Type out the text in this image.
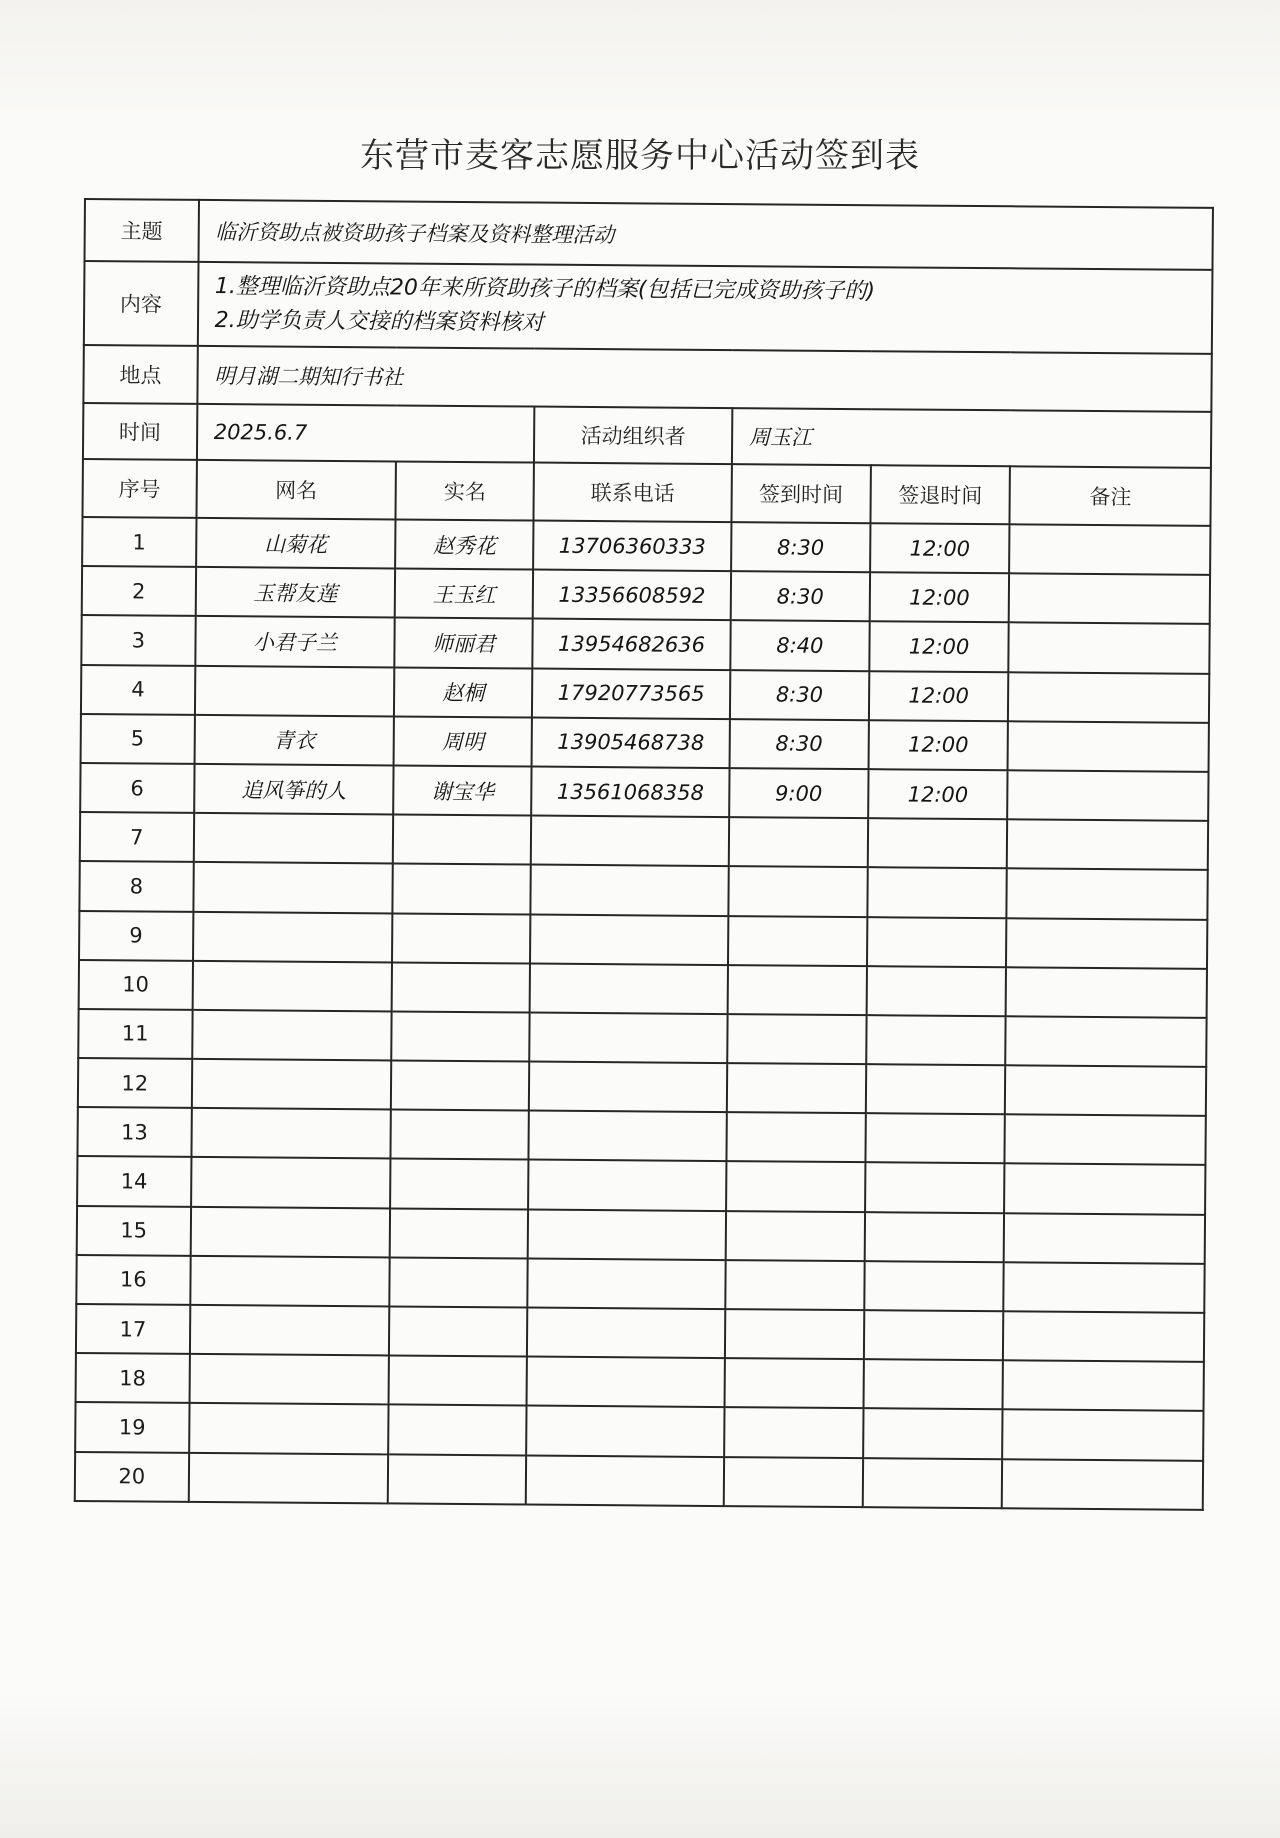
东营市麦客志愿服务中心活动签到表
主题	临沂资助点被资助孩子档案及资料整理活动					
内容	1.整理临沂资助点20年来所资助孩子的档案(包括已完成资助孩子的)
2.助学负责人交接的档案资料核对					

地点	明月湖二期知行书社					
时间	2025.6.7		活动组织者	周玉江		
序号	网名	实名	联系电话	签到时间	签退时间	备注
1	山菊花	赵秀花	13706360333	8:30	12:00	
2	玉帮友莲	王玉红	13356608592	8:30	12:00	
3	小君子兰	师丽君	13954682636	8:40	12:00	
4		赵桐	17920773565	8:30	12:00	
5	青衣	周明	13905468738	8:30	12:00	
6	追风筝的人	谢宝华	13561068358	9:00	12:00	
7						
8						
9						
10						
11						
12						
13						
14						
15						
16						
17						
18						
19						
20						
